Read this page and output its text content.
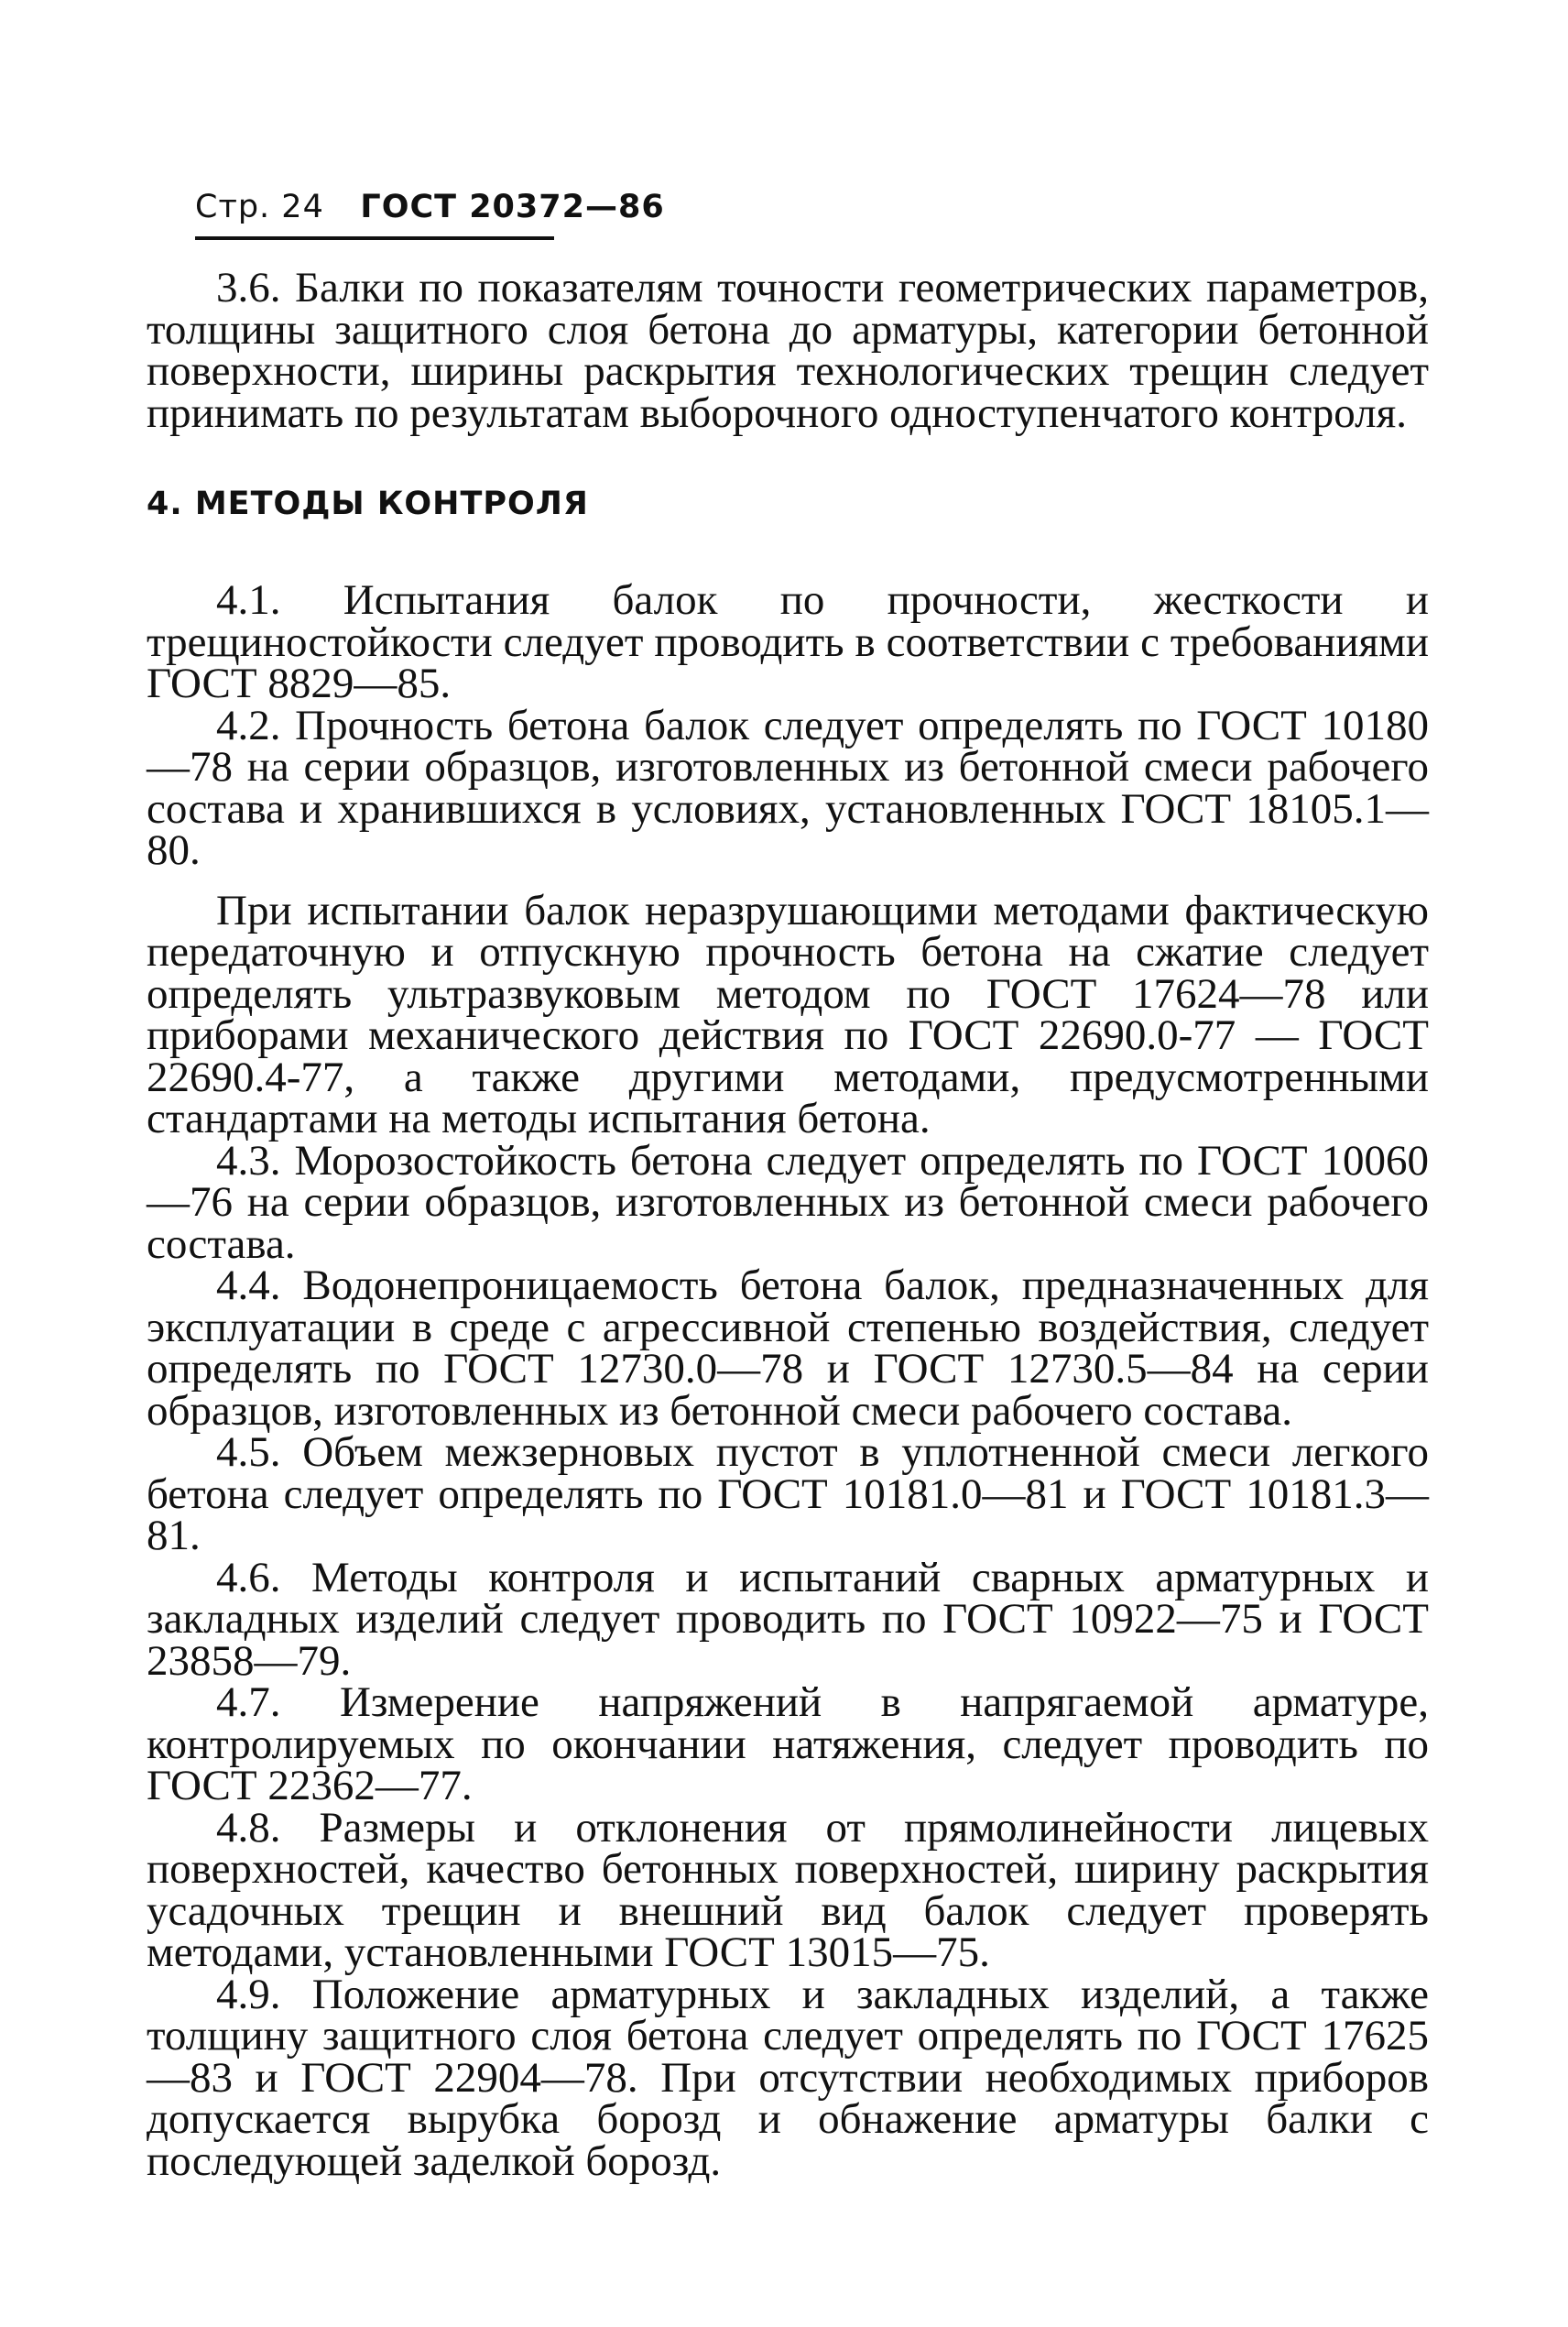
Стр. 24 ГОСТ 20372—86

3.6. Балки по показателям точности геометрических параметров, толщины защитного слоя бетона до арматуры, категории бетонной поверхности, ширины раскрытия технологических трещин следует принимать по результатам выборочного одноступенчатого контроля.

4. МЕТОДЫ КОНТРОЛЯ

4.1. Испытания балок по прочности, жесткости и трещиностойкости следует проводить в соответствии с требованиями ГОСТ 8829—85.

4.2. Прочность бетона балок следует определять по ГОСТ 10180—78 на серии образцов, изготовленных из бетонной смеси рабочего состава и хранившихся в условиях, установленных ГОСТ 18105.1—80.

При испытании балок неразрушающими методами фактическую передаточную и отпускную прочность бетона на сжатие следует определять ультразвуковым методом по ГОСТ 17624—78 или приборами механического действия по ГОСТ 22690.0-77 — ГОСТ 22690.4-77, а также другими методами, предусмотренными стандартами на методы испытания бетона.

4.3. Морозостойкость бетона следует определять по ГОСТ 10060—76 на серии образцов, изготовленных из бетонной смеси рабочего состава.

4.4. Водонепроницаемость бетона балок, предназначенных для эксплуатации в среде с агрессивной степенью воздействия, следует определять по ГОСТ 12730.0—78 и ГОСТ 12730.5—84 на серии образцов, изготовленных из бетонной смеси рабочего состава.

4.5. Объем межзерновых пустот в уплотненной смеси легкого бетона следует определять по ГОСТ 10181.0—81 и ГОСТ 10181.3—81.

4.6. Методы контроля и испытаний сварных арматурных и закладных изделий следует проводить по ГОСТ 10922—75 и ГОСТ 23858—79.

4.7. Измерение напряжений в напрягаемой арматуре, контролируемых по окончании натяжения, следует проводить по ГОСТ 22362—77.

4.8. Размеры и отклонения от прямолинейности лицевых поверхностей, качество бетонных поверхностей, ширину раскрытия усадочных трещин и внешний вид балок следует проверять методами, установленными ГОСТ 13015—75.

4.9. Положение арматурных и закладных изделий, а также толщину защитного слоя бетона следует определять по ГОСТ 17625—83 и ГОСТ 22904—78. При отсутствии необходимых приборов допускается вырубка борозд и обнажение арматуры балки с последующей заделкой борозд.
